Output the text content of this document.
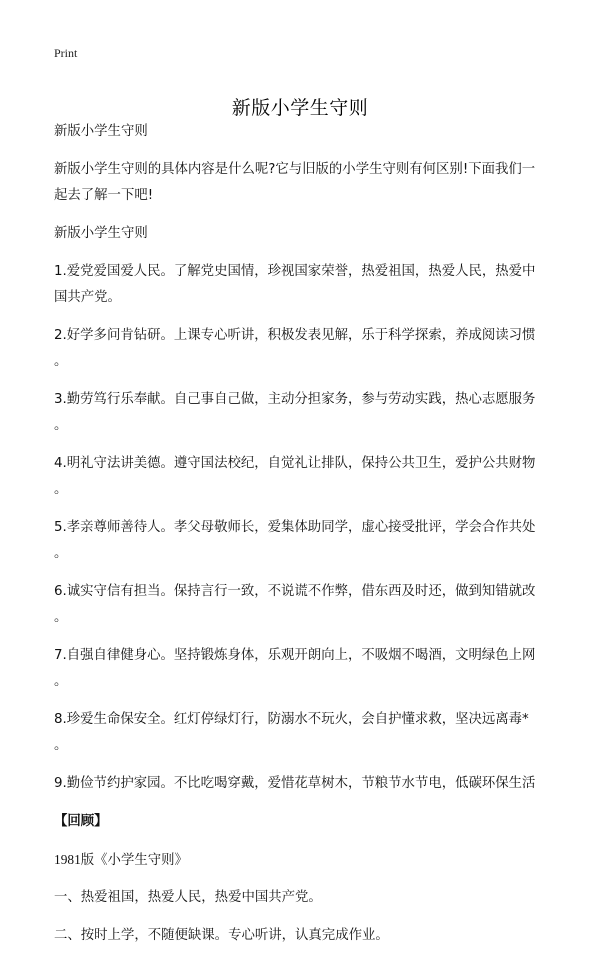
Print
新版小学生守则

新版小学生守则

新版小学生守则的具体内容是什么呢?它与旧版的小学生守则有何区别!下面我们一起去了解一下吧!

新版小学生守则

1.爱党爱国爱人民。了解党史国情，珍视国家荣誉，热爱祖国，热爱人民，热爱中国共产党。

2.好学多问肯钻研。上课专心听讲，积极发表见解，乐于科学探索，养成阅读习惯
。

3.勤劳笃行乐奉献。自己事自己做，主动分担家务，参与劳动实践，热心志愿服务
。

4.明礼守法讲美德。遵守国法校纪，自觉礼让排队，保持公共卫生，爱护公共财物
。

5.孝亲尊师善待人。孝父母敬师长，爱集体助同学，虚心接受批评，学会合作共处
。

6.诚实守信有担当。保持言行一致，不说谎不作弊，借东西及时还，做到知错就改
。

7.自强自律健身心。坚持锻炼身体，乐观开朗向上，不吸烟不喝酒，文明绿色上网
。

8.珍爱生命保安全。红灯停绿灯行，防溺水不玩火，会自护懂求救，坚决远离毒*
。

9.勤俭节约护家园。不比吃喝穿戴，爱惜花草树木，节粮节水节电，低碳环保生活

【回顾】

1981版《小学生守则》

一、热爱祖国，热爱人民，热爱中国共产党。

二、按时上学，不随便缺课。专心听讲，认真完成作业。
